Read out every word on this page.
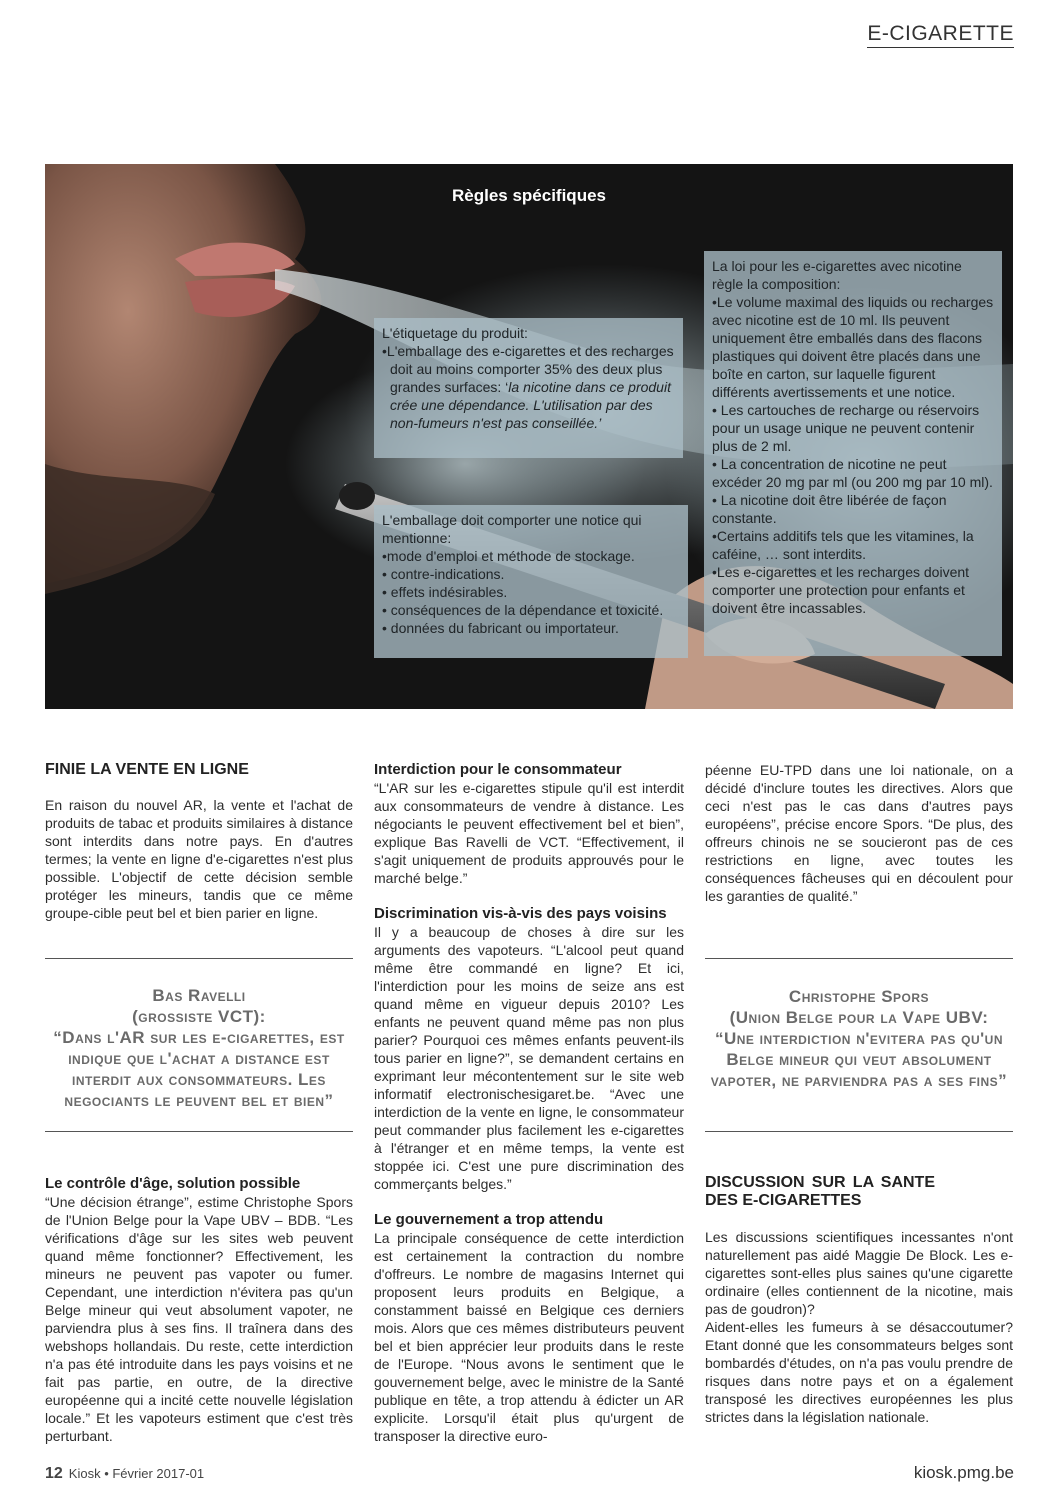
E-CIGARETTE
Règles spécifiques

L'étiquetage du produit:

•L'emballage des e-cigarettes et des recharges doit au moins comporter 35% des deux plus grandes surfaces: ‘la nicotine dans ce produit crée une dépendance. L'utilisation par des non-fumeurs n'est pas conseillée.’

L'emballage doit comporter une notice qui mentionne:

•mode d'emploi et méthode de stockage.
• contre-indications.
• effets indésirables.
• conséquences de la dépendance et toxicité.
• données du fabricant ou importateur.

La loi pour les e-cigarettes avec nicotine règle la composition:

•Le volume maximal des liquids ou recharges avec nicotine est de 10 ml. Ils peuvent uniquement être emballés dans des flacons plastiques qui doivent être placés dans une boîte en carton, sur laquelle figurent différents avertissements et une notice.
• Les cartouches de recharge ou réservoirs pour un usage unique ne peuvent contenir plus de 2 ml.
• La concentration de nicotine ne peut excéder 20 mg par ml (ou 200 mg par 10 ml).
• La nicotine doit être libérée de façon constante.
•Certains additifs tels que les vitamines, la caféine, … sont interdits.
•Les e-cigarettes et les recharges doivent comporter une protection pour enfants et doivent être incassables.

FINIE LA VENTE EN LIGNE

En raison du nouvel AR, la vente et l'achat de produits de tabac et produits similaires à distance sont interdits dans notre pays. En d'autres termes; la vente en ligne d'e-cigarettes n'est plus possible. L'objectif de cette décision semble protéger les mineurs, tandis que ce même groupe-cible peut bel et bien parier en ligne.

Bas Ravelli
(grossiste VCT):
“Dans l'AR sur les e-cigarettes, est indique que l'achat a distance est interdit aux consommateurs. Les negociants le peuvent bel et bien”

Le contrôle d'âge, solution possible

“Une décision étrange”, estime Christophe Spors de l'Union Belge pour la Vape UBV – BDB. “Les vérifications d'âge sur les sites web peuvent quand même fonctionner? Effectivement, les mineurs ne peuvent pas vapoter ou fumer. Cependant, une interdiction n'évitera pas qu'un Belge mineur qui veut absolument vapoter, ne parviendra plus à ses fins. Il traînera dans des webshops hollandais. Du reste, cette interdiction n'a pas été introduite dans les pays voisins et ne fait pas partie, en outre, de la directive européenne qui a incité cette nouvelle législation locale.” Et les vapoteurs estiment que c'est très perturbant.

Interdiction pour le consommateur

“L'AR sur les e-cigarettes stipule qu'il est interdit aux consommateurs de vendre à distance. Les négociants le peuvent effectivement bel et bien”, explique Bas Ravelli de VCT. “Effectivement, il s'agit uniquement de produits approuvés pour le marché belge.”

Discrimination vis-à-vis des pays voisins

Il y a beaucoup de choses à dire sur les arguments des vapoteurs. “L'alcool peut quand même être commandé en ligne? Et ici, l'interdiction pour les moins de seize ans est quand même en vigueur depuis 2010? Les enfants ne peuvent quand même pas non plus parier? Pourquoi ces mêmes enfants peuvent-ils tous parier en ligne?”, se demandent certains en exprimant leur mécontentement sur le site web informatif electronischesigaret.be. “Avec une interdiction de la vente en ligne, le consommateur peut commander plus facilement les e-cigarettes à l'étranger et en même temps, la vente est stoppée ici. C'est une pure discrimination des commerçants belges.”

Le gouvernement a trop attendu

La principale conséquence de cette interdiction est certainement la contraction du nombre d'offreurs. Le nombre de magasins Internet qui proposent leurs produits en Belgique, a constamment baissé en Belgique ces derniers mois. Alors que ces mêmes distributeurs peuvent bel et bien apprécier leur produits dans le reste de l'Europe. “Nous avons le sentiment que le gouvernement belge, avec le ministre de la Santé publique en tête, a trop attendu à édicter un AR explicite. Lorsqu'il était plus qu'urgent de transposer la directive euro-

péenne EU-TPD dans une loi nationale, on a décidé d'inclure toutes les directives. Alors que ceci n'est pas le cas dans d'autres pays européens”, précise encore Spors. “De plus, des offreurs chinois ne se soucieront pas de ces restrictions en ligne, avec toutes les conséquences fâcheuses qui en découlent pour les garanties de qualité.”

Christophe Spors
(Union Belge pour la Vape UBV:
“Une interdiction n'evitera pas qu'un Belge mineur qui veut absolument vapoter, ne parviendra pas a ses fins”

DISCUSSION SUR LA SANTE DES E-CIGARETTES

Les discussions scientifiques incessantes n'ont naturellement pas aidé Maggie De Block. Les e-cigarettes sont-elles plus saines qu'une cigarette ordinaire (elles contiennent de la nicotine, mais pas de goudron)?

Aident-elles les fumeurs à se désaccoutumer? Etant donné que les consommateurs belges sont bombardés d'études, on n'a pas voulu prendre de risques dans notre pays et on a également transposé les directives européennes les plus strictes dans la législation nationale.

12 Kiosk • Février 2017-01	kiosk.pmg.be
